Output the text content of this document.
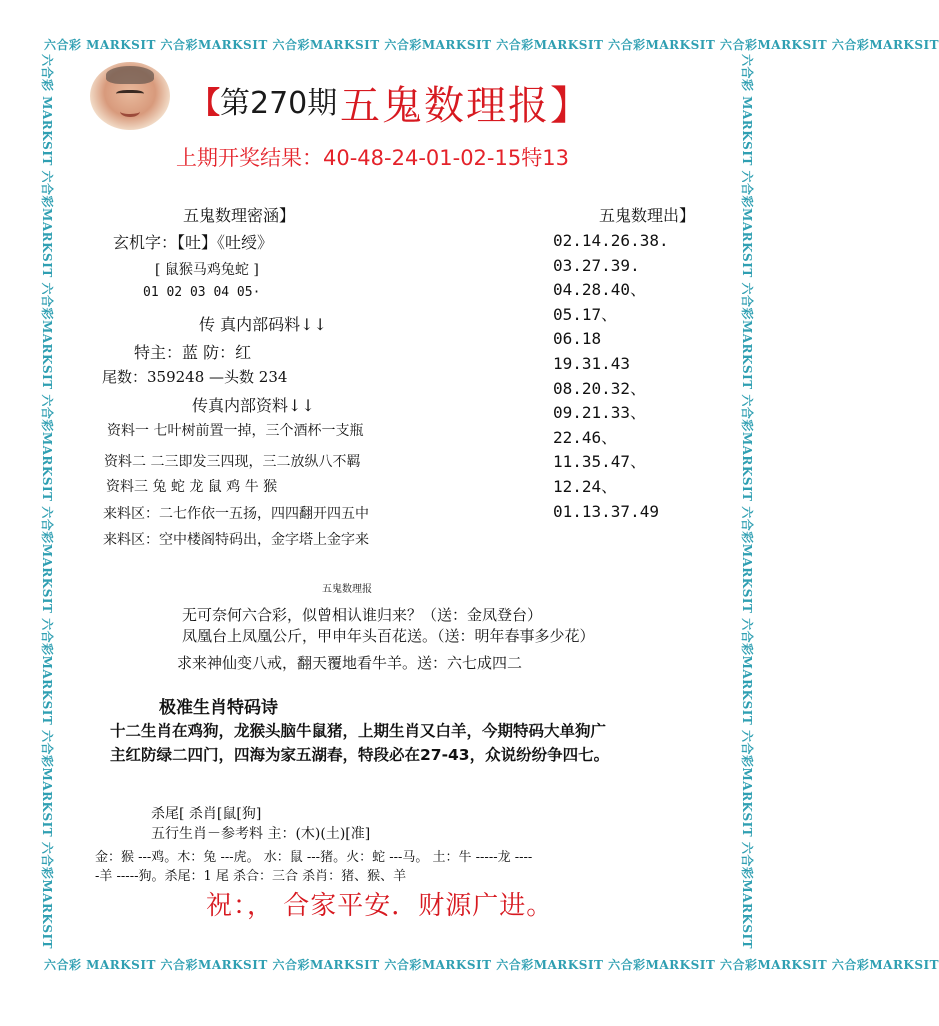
六合彩 MARKSIT 六合彩MARKSIT 六合彩MARKSIT 六合彩MARKSIT 六合彩MARKSIT 六合彩MARKSIT 六合彩MARKSIT 六合彩MARKSIT
六合彩 MARKSIT 六合彩MARKSIT 六合彩MARKSIT 六合彩MARKSIT 六合彩MARKSIT 六合彩MARKSIT 六合彩MARKSIT 六合彩MARKSIT
六合彩 MARKSIT 六合彩MARKSIT 六合彩MARKSIT 六合彩MARKSIT 六合彩MARKSIT 六合彩MARKSIT 六合彩MARKSIT 六合彩MARKSIT	六合彩 MARKSIT 六合彩MARKSIT 六合彩MARKSIT 六合彩MARKSIT 六合彩MARKSIT 六合彩MARKSIT 六合彩MARKSIT 六合彩MARKSIT
【第270期 五鬼数理报】
上期开奖结果：40-48-24-01-02-15特13
五鬼数理密涵】
玄机字：【吐】《吐绶》
[ 鼠猴马鸡兔蛇 ]
01 02 03 04 05·
传 真内部码料↓↓
特主：蓝 防：红
尾数：359248 —头数 234
传真内部资料↓↓
资料一 七叶树前置一掉，三个酒杯一支瓶
资料二 二三即发三四现，三二放纵八不羁
资料三 兔 蛇 龙 鼠 鸡 牛 猴
来料区：二七作依一五扬，四四翻开四五中
来料区：空中楼阁特码出，金字塔上金字来
五鬼数理出】
02.14.26.38.
03.27.39.
04.28.40、
05.17、
06.18
19.31.43
08.20.32、
09.21.33、
22.46、
11.35.47、
12.24、
01.13.37.49
五鬼数理报
无可奈何六合彩，似曾相认谁归来？（送：金凤登台）
凤凰台上凤凰公斤，甲申年头百花送。（送：明年春事多少花）
求来神仙变八戒，翻天覆地看牛羊。送：六七成四二
极准生肖特码诗
十二生肖在鸡狗，龙猴头脑牛鼠猪，上期生肖又白羊，今期特码大单狗广
主红防绿二四门，四海为家五湖春，特段必在27-43，众说纷纷争四七。
杀尾[ 杀肖[鼠[狗]
五行生肖－参考料 主：(木)(土)[准]
金：猴 ---鸡。木：兔 ---虎。 水：鼠 ---猪。火：蛇 ---马。 土：牛 -----龙 ----
-羊 -----狗。杀尾：1 尾 杀合：三合 杀肖：猪、猴、羊
祝：， 合家平安．财源广进。
